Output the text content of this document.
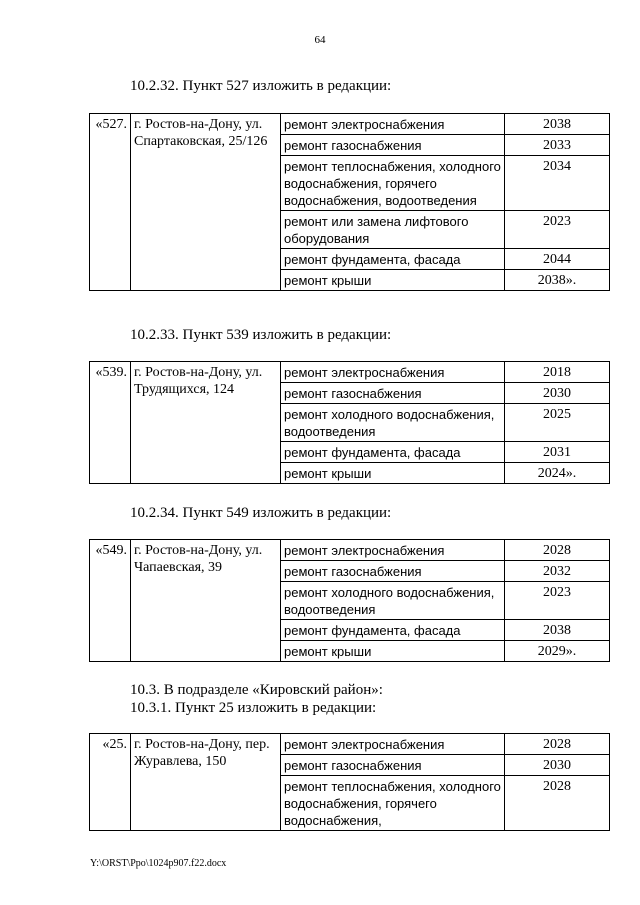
64
10.2.32. Пункт 527 изложить в редакции:
«527.	г. Ростов-на-Дону, ул. Спартаковская, 25/126	ремонт электроснабжения	2038
		ремонт газоснабжения	2033
		ремонт теплоснабжения, холодного водоснабжения, горячего водоснабжения, водоотведения	2034
		ремонт или замена лифтового оборудования	2023
		ремонт фундамента, фасада	2044
		ремонт крыши	2038».
10.2.33. Пункт 539 изложить в редакции:
«539.	г. Ростов-на-Дону, ул. Трудящихся, 124	ремонт электроснабжения	2018
		ремонт газоснабжения	2030
		ремонт холодного водоснабжения, водоотведения	2025
		ремонт фундамента, фасада	2031
		ремонт крыши	2024».
10.2.34. Пункт 549 изложить в редакции:
«549.	г. Ростов-на-Дону, ул. Чапаевская, 39	ремонт электроснабжения	2028
		ремонт газоснабжения	2032
		ремонт холодного водоснабжения, водоотведения	2023
		ремонт фундамента, фасада	2038
		ремонт крыши	2029».
10.3. В подразделе «Кировский район»:
10.3.1. Пункт 25 изложить в редакции:
«25.	г. Ростов-на-Дону, пер. Журавлева, 150	ремонт электроснабжения	2028
		ремонт газоснабжения	2030
		ремонт теплоснабжения, холодного водоснабжения, горячего водоснабжения,	2028
Y:\ORST\Ppo\1024p907.f22.docx
